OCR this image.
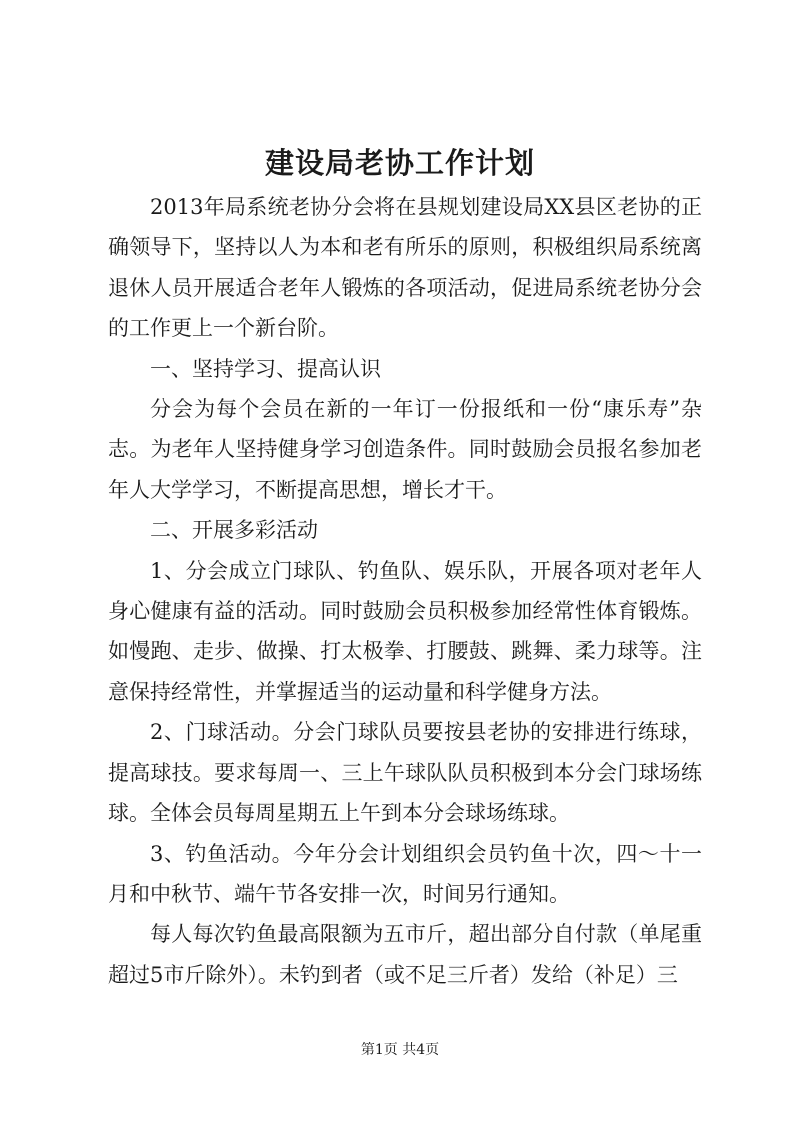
建设局老协工作计划

2013年局系统老协分会将在县规划建设局XX县区老协的正确领导下，坚持以人为本和老有所乐的原则，积极组织局系统离退休人员开展适合老年人锻炼的各项活动，促进局系统老协分会的工作更上一个新台阶。

一、坚持学习、提高认识

分会为每个会员在新的一年订一份报纸和一份“康乐寿”杂志。为老年人坚持健身学习创造条件。同时鼓励会员报名参加老年人大学学习，不断提高思想，增长才干。

二、开展多彩活动

1、分会成立门球队、钓鱼队、娱乐队，开展各项对老年人身心健康有益的活动。同时鼓励会员积极参加经常性体育锻炼。如慢跑、走步、做操、打太极拳、打腰鼓、跳舞、柔力球等。注意保持经常性，并掌握适当的运动量和科学健身方法。

2、门球活动。分会门球队员要按县老协的安排进行练球，提高球技。要求每周一、三上午球队队员积极到本分会门球场练球。全体会员每周星期五上午到本分会球场练球。

3、钓鱼活动。今年分会计划组织会员钓鱼十次，四～十一月和中秋节、端午节各安排一次，时间另行通知。

每人每次钓鱼最高限额为五市斤，超出部分自付款（单尾重超过5市斤除外）。未钓到者（或不足三斤者）发给（补足）三

第1页 共4页
